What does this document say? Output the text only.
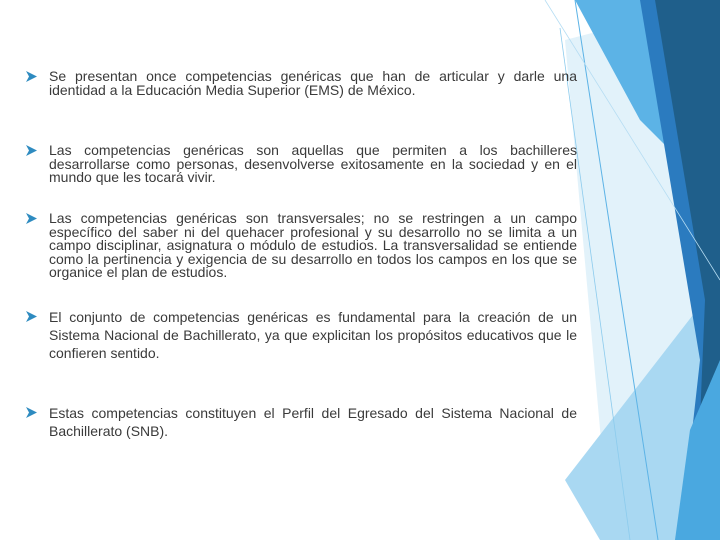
Se presentan once competencias genéricas que han de articular y darle una identidad a la Educación Media Superior (EMS) de México.
Las competencias genéricas son aquellas que permiten a los bachilleres desarrollarse como personas, desenvolverse exitosamente en la sociedad y en el mundo que les tocará vivir.
Las competencias genéricas son transversales; no se restringen a un campo específico del saber ni del quehacer profesional y su desarrollo no se limita a un campo disciplinar, asignatura o módulo de estudios. La transversalidad se entiende como la pertinencia y exigencia de su desarrollo en todos los campos en los que se organice el plan de estudios.
El conjunto de competencias genéricas es fundamental para la creación de un Sistema Nacional de Bachillerato, ya que explicitan los propósitos educativos que le confieren sentido.
Estas competencias constituyen el Perfil del Egresado del Sistema Nacional de Bachillerato (SNB).
